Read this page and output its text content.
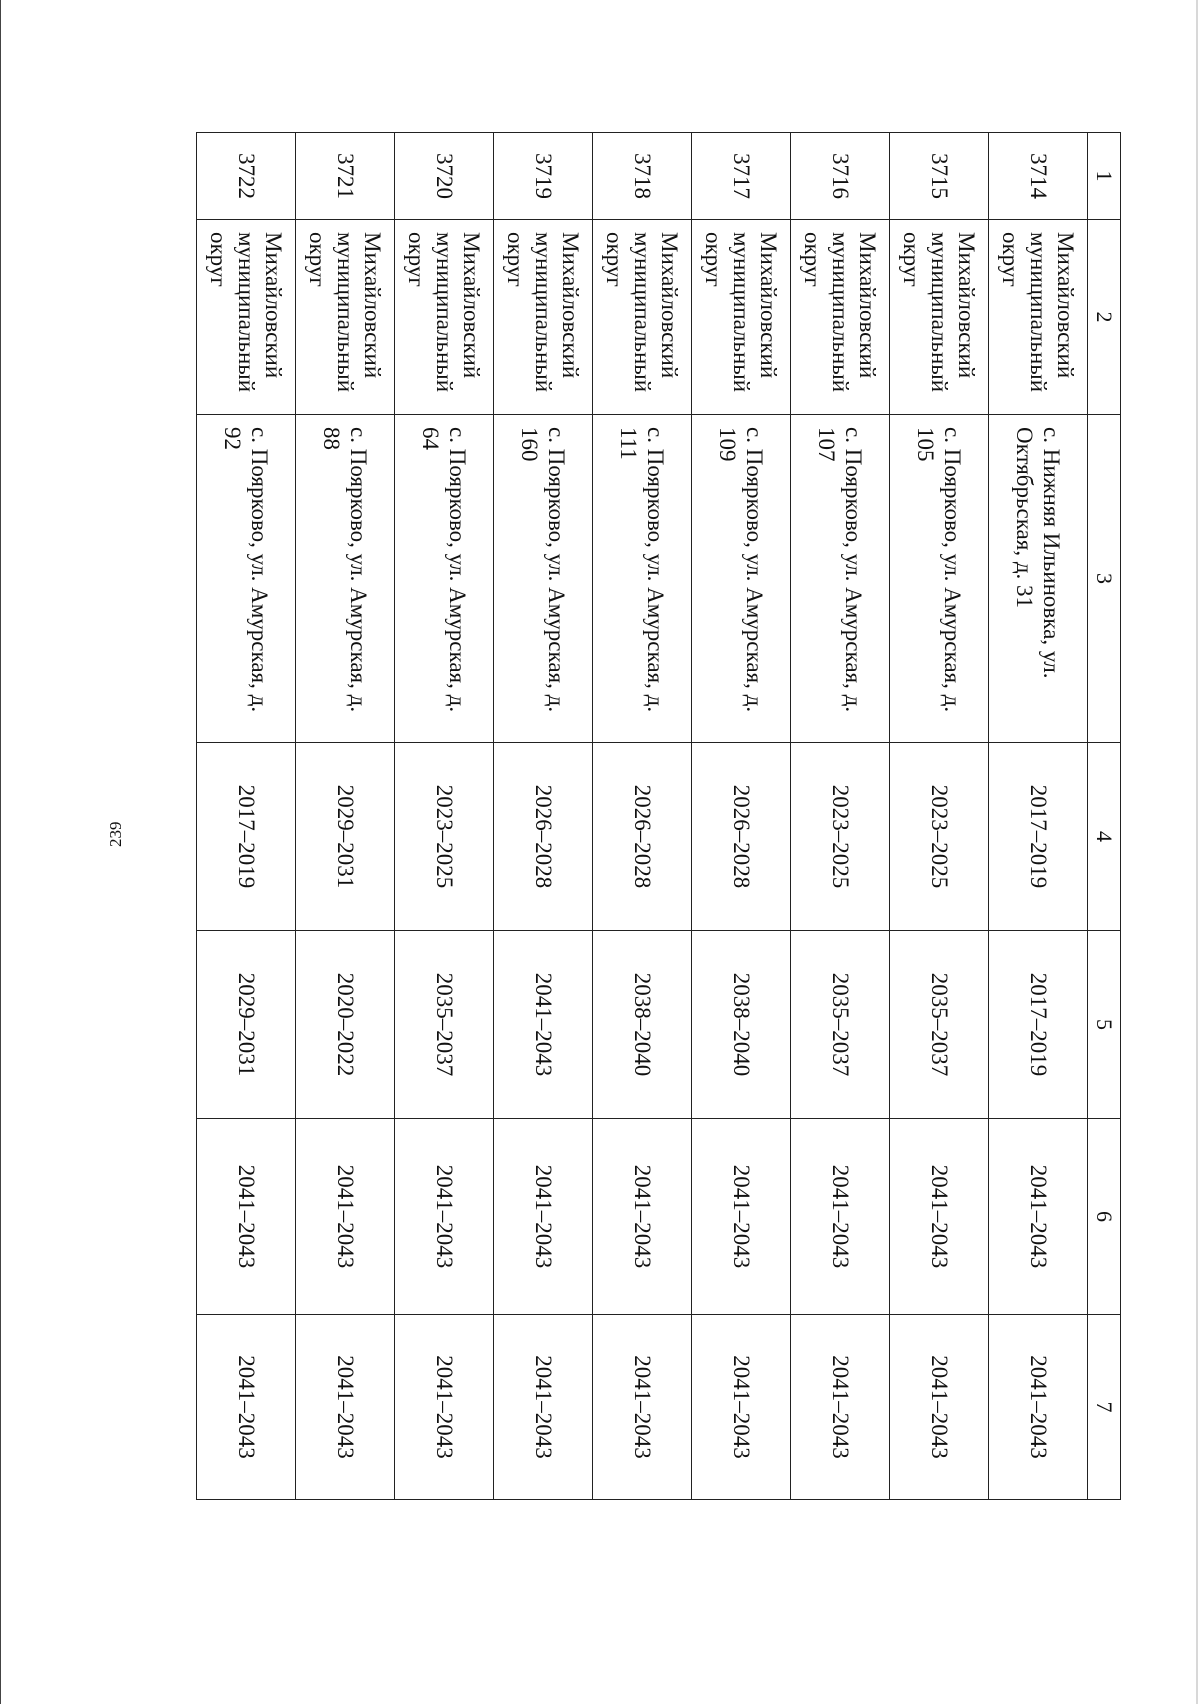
239
1	2	3	4	5	6	7
3714	Михайловский муниципальный округ	с. Нижняя Ильиновка, ул. Октябрьская, д. 31	2017–2019	2017–2019	2041–2043	2041–2043
3715	Михайловский муниципальный округ	с. Поярково, ул. Амурская, д. 105	2023–2025	2035–2037	2041–2043	2041–2043
3716	Михайловский муниципальный округ	с. Поярково, ул. Амурская, д. 107	2023–2025	2035–2037	2041–2043	2041–2043
3717	Михайловский муниципальный округ	с. Поярково, ул. Амурская, д. 109	2026–2028	2038–2040	2041–2043	2041–2043
3718	Михайловский муниципальный округ	с. Поярково, ул. Амурская, д. 111	2026–2028	2038–2040	2041–2043	2041–2043
3719	Михайловский муниципальный округ	с. Поярково, ул. Амурская, д. 160	2026–2028	2041–2043	2041–2043	2041–2043
3720	Михайловский муниципальный округ	с. Поярково, ул. Амурская, д. 64	2023–2025	2035–2037	2041–2043	2041–2043
3721	Михайловский муниципальный округ	с. Поярково, ул. Амурская, д. 88	2029–2031	2020–2022	2041–2043	2041–2043
3722	Михайловский муниципальный округ	с. Поярково, ул. Амурская, д. 92	2017–2019	2029–2031	2041–2043	2041–2043
